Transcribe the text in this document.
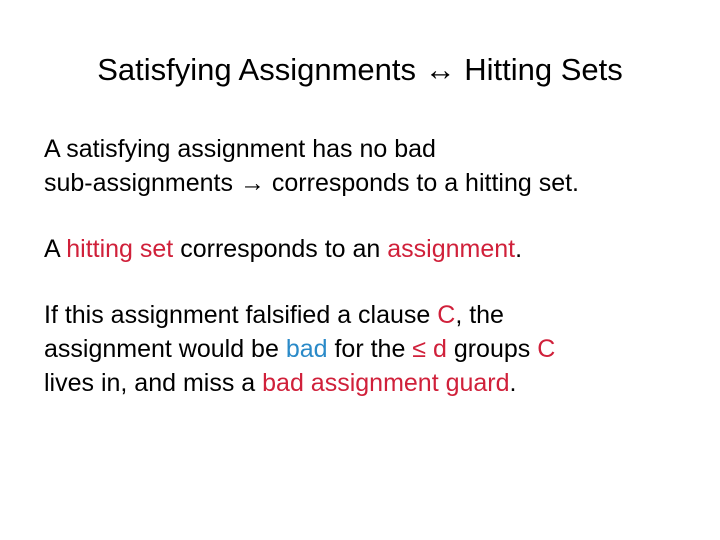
Satisfying Assignments ↔ Hitting Sets

A satisfying assignment has no bad
sub-assignments → corresponds to a hitting set.

A hitting set corresponds to an assignment.

If this assignment falsified a clause C, the
assignment would be bad for the ≤ d groups C
lives in, and miss a bad assignment guard.
